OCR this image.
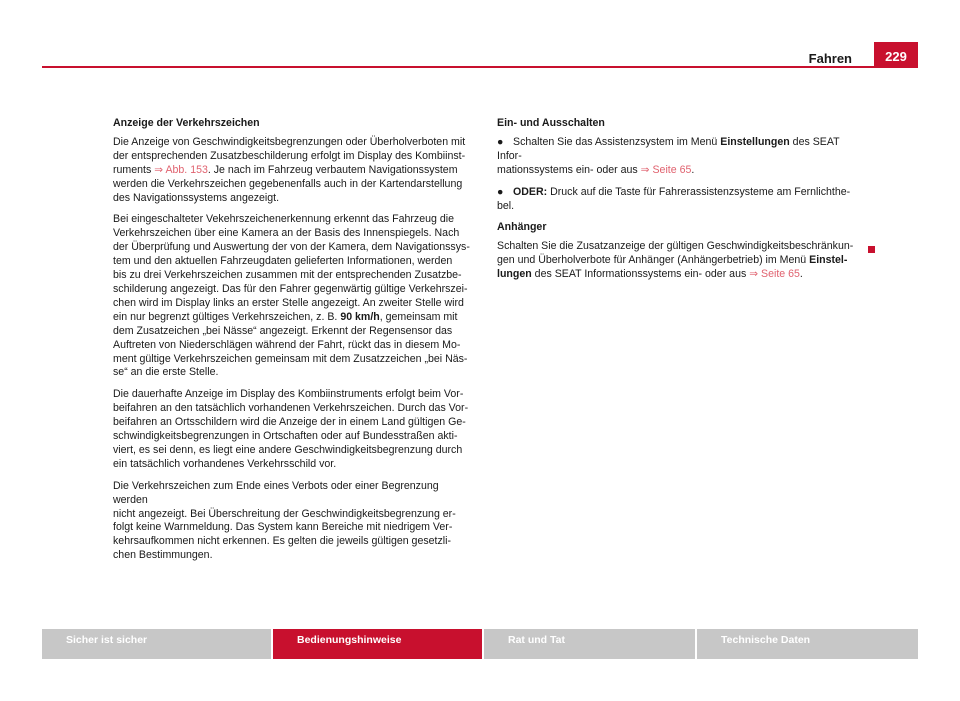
Fahren	229

Anzeige der Verkehrszeichen

Die Anzeige von Geschwindigkeitsbegrenzungen oder Überholverboten mit
der entsprechenden Zusatzbeschilderung erfolgt im Display des Kombiinst-
ruments ⇒ Abb. 153. Je nach im Fahrzeug verbautem Navigationssystem
werden die Verkehrszeichen gegebenenfalls auch in der Kartendarstellung
des Navigationssystems angezeigt.

Bei eingeschalteter Vekehrszeichenerkennung erkennt das Fahrzeug die
Verkehrszeichen über eine Kamera an der Basis des Innenspiegels. Nach
der Überprüfung und Auswertung der von der Kamera, dem Navigationssys-
tem und den aktuellen Fahrzeugdaten gelieferten Informationen, werden
bis zu drei Verkehrszeichen zusammen mit der entsprechenden Zusatzbe-
schilderung angezeigt. Das für den Fahrer gegenwärtig gültige Verkehrszei-
chen wird im Display links an erster Stelle angezeigt. An zweiter Stelle wird
ein nur begrenzt gültiges Verkehrszeichen, z. B. 90 km/h, gemeinsam mit
dem Zusatzeichen „bei Nässe“ angezeigt. Erkennt der Regensensor das
Auftreten von Niederschlägen während der Fahrt, rückt das in diesem Mo-
ment gültige Verkehrszeichen gemeinsam mit dem Zusatzzeichen „bei Näs-
se“ an die erste Stelle.

Die dauerhafte Anzeige im Display des Kombiinstruments erfolgt beim Vor-
beifahren an den tatsächlich vorhandenen Verkehrszeichen. Durch das Vor-
beifahren an Ortsschildern wird die Anzeige der in einem Land gültigen Ge-
schwindigkeitsbegrenzungen in Ortschaften oder auf Bundesstraßen akti-
viert, es sei denn, es liegt eine andere Geschwindigkeitsbegrenzung durch
ein tatsächlich vorhandenes Verkehrsschild vor.

Die Verkehrszeichen zum Ende eines Verbots oder einer Begrenzung werden
nicht angezeigt. Bei Überschreitung der Geschwindigkeitsbegrenzung er-
folgt keine Warnmeldung. Das System kann Bereiche mit niedrigem Ver-
kehrsaufkommen nicht erkennen. Es gelten die jeweils gültigen gesetzli-
chen Bestimmungen.

Ein- und Ausschalten

● Schalten Sie das Assistenzsystem im Menü Einstellungen des SEAT Infor-
mationssystems ein- oder aus ⇒ Seite 65.

● ODER: Druck auf die Taste für Fahrerassistenzsysteme am Fernlichthe-
bel.

Anhänger

Schalten Sie die Zusatzanzeige der gültigen Geschwindigkeitsbeschränkun-
gen und Überholverbote für Anhänger (Anhängerbetrieb) im Menü Einstel-
lungen des SEAT Informationssystems ein- oder aus ⇒ Seite 65.

Sicher ist sicher	Bedienungshinweise	Rat und Tat	Technische Daten
